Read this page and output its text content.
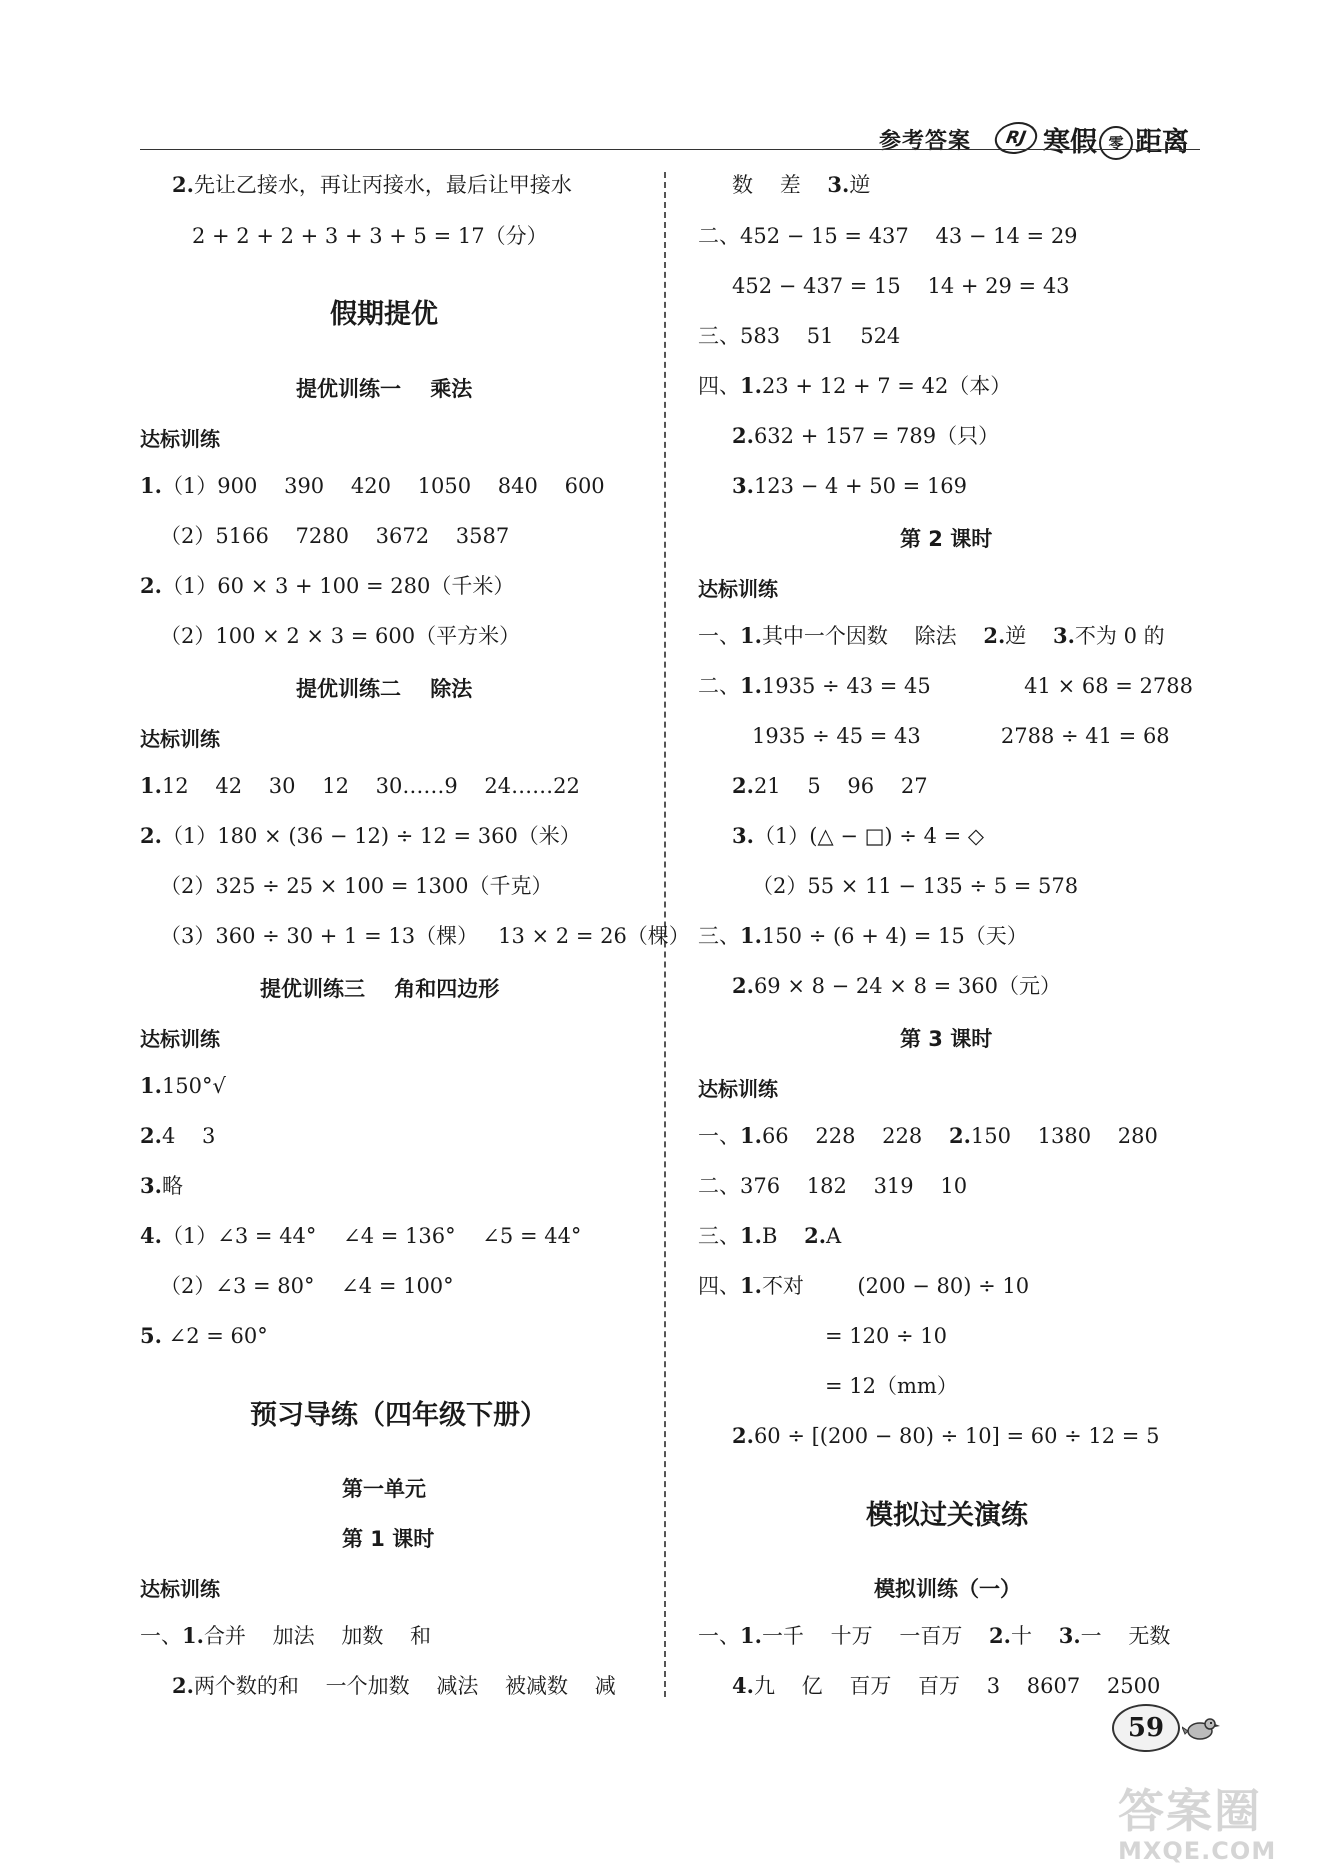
参考答案	RJ 寒假 零 距离
2.先让乙接水，再让丙接水，最后让甲接水
2 + 2 + 2 + 3 + 3 + 5 = 17（分）
假期提优
提优训练一    乘法
达标训练
1.（1）900    390    420    1050    840    600
（2）5166    7280    3672    3587
2.（1）60 × 3 + 100 = 280（千米）
（2）100 × 2 × 3 = 600（平方米）
提优训练二    除法
达标训练
1.12    42    30    12    30……9    24……22
2.（1）180 × (36 − 12) ÷ 12 = 360（米）
（2）325 ÷ 25 × 100 = 1300（千克）
（3）360 ÷ 30 + 1 = 13（棵）   13 × 2 = 26（棵）
提优训练三    角和四边形
达标训练
1.150°√
2.4    3
3.略
4.（1）∠3 = 44°    ∠4 = 136°    ∠5 = 44°
（2）∠3 = 80°    ∠4 = 100°
5. ∠2 = 60°
预习导练（四年级下册）
第一单元
第 1 课时
达标训练
一、1.合并    加法    加数    和
2.两个数的和    一个加数    减法    被减数    减
数    差    3.逆
二、452 − 15 = 437    43 − 14 = 29
452 − 437 = 15    14 + 29 = 43
三、583    51    524
四、1.23 + 12 + 7 = 42（本）
2.632 + 157 = 789（只）
3.123 − 4 + 50 = 169
第 2 课时
达标训练
一、1.其中一个因数    除法    2.逆    3.不为 0 的
二、1.1935 ÷ 43 = 45              41 × 68 = 2788
1935 ÷ 45 = 43            2788 ÷ 41 = 68
2.21    5    96    27
3.（1）(△ − □) ÷ 4 = ◇
（2）55 × 11 − 135 ÷ 5 = 578
三、1.150 ÷ (6 + 4) = 15（天）
2.69 × 8 − 24 × 8 = 360（元）
第 3 课时
达标训练
一、1.66    228    228    2.150    1380    280
二、376    182    319    10
三、1.B    2.A
四、1.不对        (200 − 80) ÷ 10
= 120 ÷ 10
= 12（mm）
2.60 ÷ [(200 − 80) ÷ 10] = 60 ÷ 12 = 5
模拟过关演练
模拟训练（一）
一、1.一千    十万    一百万    2.十    3.一    无数
4.九    亿    百万    百万    3    8607    2500
59
答案圈
MXQE.COM
